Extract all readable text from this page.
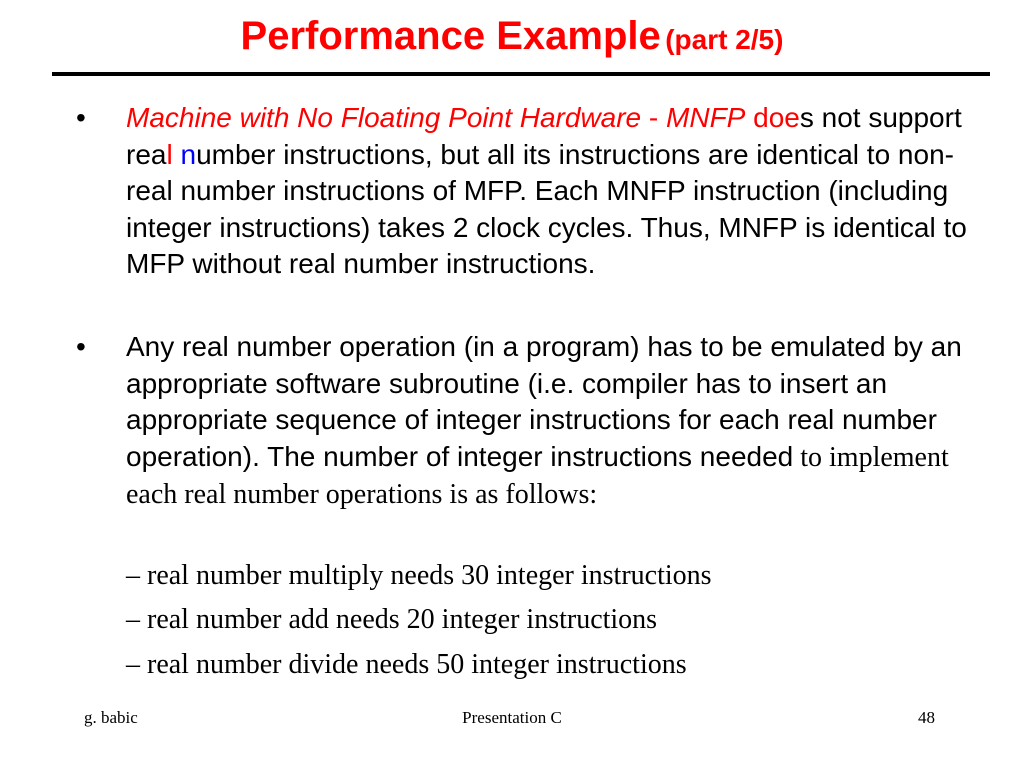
Performance Example (part 2/5)
• Machine with No Floating Point Hardware - MNFP does not support real number instructions, but all its instructions are identical to non-real number instructions of MFP. Each MNFP instruction (including integer instructions) takes 2 clock cycles. Thus, MNFP is identical to MFP without real number instructions.
• Any real number operation (in a program) has to be emulated by an appropriate software subroutine (i.e. compiler has to insert an appropriate sequence of integer instructions for each real number operation). The number of integer instructions needed to implement each real number operations is as follows:
– real number multiply needs 30 integer instructions
– real number add needs 20 integer instructions
– real number divide needs 50 integer instructions
g. babic	Presentation C	48
